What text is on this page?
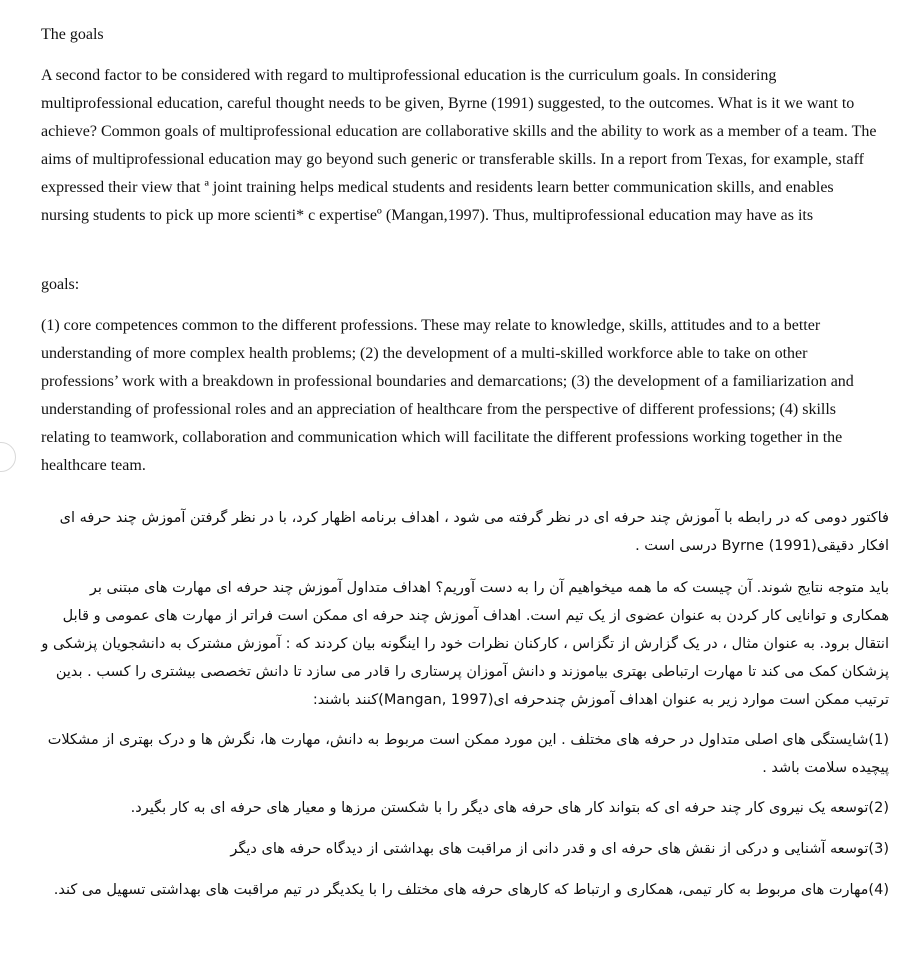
The goals

A second factor to be considered with regard to multiprofessional education is the curriculum goals. In considering multiprofessional education, careful thought needs to be given, Byrne (1991) suggested, to the outcomes. What is it we want to achieve? Common goals of multiprofessional education are collaborative skills and the ability to work as a member of a team. The aims of multiprofessional education may go beyond such generic or transferable skills. In a report from Texas, for example, staff expressed their view that ª joint training helps medical students and residents learn better communication skills, and enables nursing students to pick up more scienti* c expertiseº (Mangan,1997). Thus, multiprofessional education may have as its

goals:

(1) core competences common to the different professions. These may relate to knowledge, skills, attitudes and to a better understanding of more complex health problems; (2) the development of a multi-skilled workforce able to take on other professions’ work with a breakdown in professional boundaries and demarcations; (3) the development of a familiarization and understanding of professional roles and an appreciation of healthcare from the perspective of different professions; (4) skills relating to teamwork, collaboration and communication which will facilitate the different professions working together in the healthcare team.

فاکتور دومی که در رابطه با آموزش چند حرفه ای در نظر گرفته می شود ، اهداف برنامه اظهار کرد، با در نظر گرفتن آموزش چند حرفه ای افکار دقیقی(1991) Byrne درسی است .

باید متوجه نتایج شوند. آن چیست که ما همه میخواهیم آن را به دست آوریم؟ اهداف متداول آموزش چند حرفه ای مهارت های مبتنی بر همکاری و توانایی کار کردن به عنوان عضوی از یک تیم است. اهداف آموزش چند حرفه ای ممکن است فراتر از مهارت های عمومی و قابل انتقال برود. به عنوان مثال ، در یک گزارش از تگزاس ، کارکنان نظرات خود را اینگونه بیان کردند که : آموزش مشترک به دانشجویان پزشکی و پزشکان کمک می کند تا مهارت ارتباطی بهتری بیاموزند و دانش آموزان پرستاری را قادر می سازد تا دانش تخصصی بیشتری را کسب . بدین ترتیب ممکن است موارد زیر به عنوان اهداف آموزش چندحرفه ای(Mangan, 1997)کنند باشند:

(1)شایستگی های اصلی متداول در حرفه های مختلف . این مورد ممکن است مربوط به دانش، مهارت ها، نگرش ها و درک بهتری از مشکلات پیچیده سلامت باشد .

(2)توسعه یک نیروی کار چند حرفه ای که بتواند کار های حرفه های دیگر را با شکستن مرزها و معیار های حرفه ای به کار بگیرد.

(3)توسعه آشنایی و درکی از نقش های حرفه ای و قدر دانی از مراقبت های بهداشتی از دیدگاه حرفه های دیگر

(4)مهارت های مربوط به کار تیمی، همکاری و ارتباط که کارهای حرفه های مختلف را با یکدیگر در تیم مراقبت های بهداشتی تسهیل می کند.
